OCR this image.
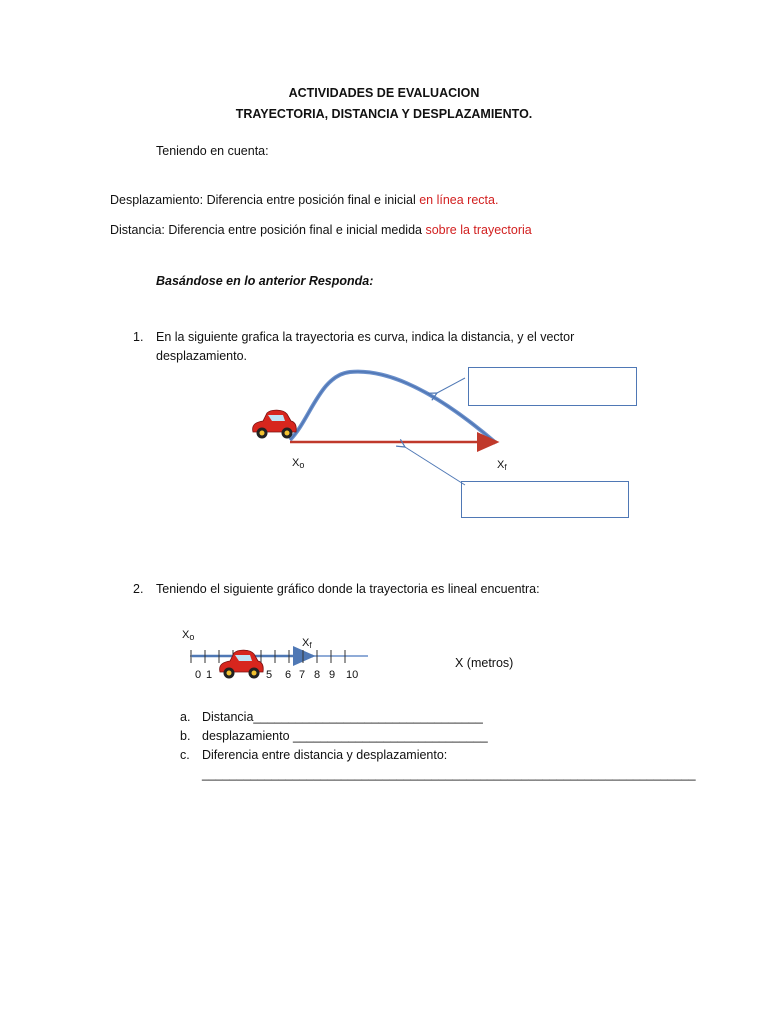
ACTIVIDADES DE EVALUACION
TRAYECTORIA, DISTANCIA Y DESPLAZAMIENTO.
Teniendo en cuenta:
Desplazamiento: Diferencia entre posición final e inicial en línea recta.
Distancia: Diferencia entre posición final e inicial medida sobre la trayectoria
Basándose en lo anterior Responda:
1. En la siguiente grafica la trayectoria es curva, indica la distancia, y el vector
desplazamiento.
2. Teniendo el siguiente gráfico donde la trayectoria es lineal encuentra:
X (metros)
a. Distancia_________________________________
b. desplazamiento ____________________________
c. Diferencia entre distancia y desplazamiento:
_______________________________________________________________________
Xo	Xf
Xo	Xf
0 1	5 6 7 8 9 10
